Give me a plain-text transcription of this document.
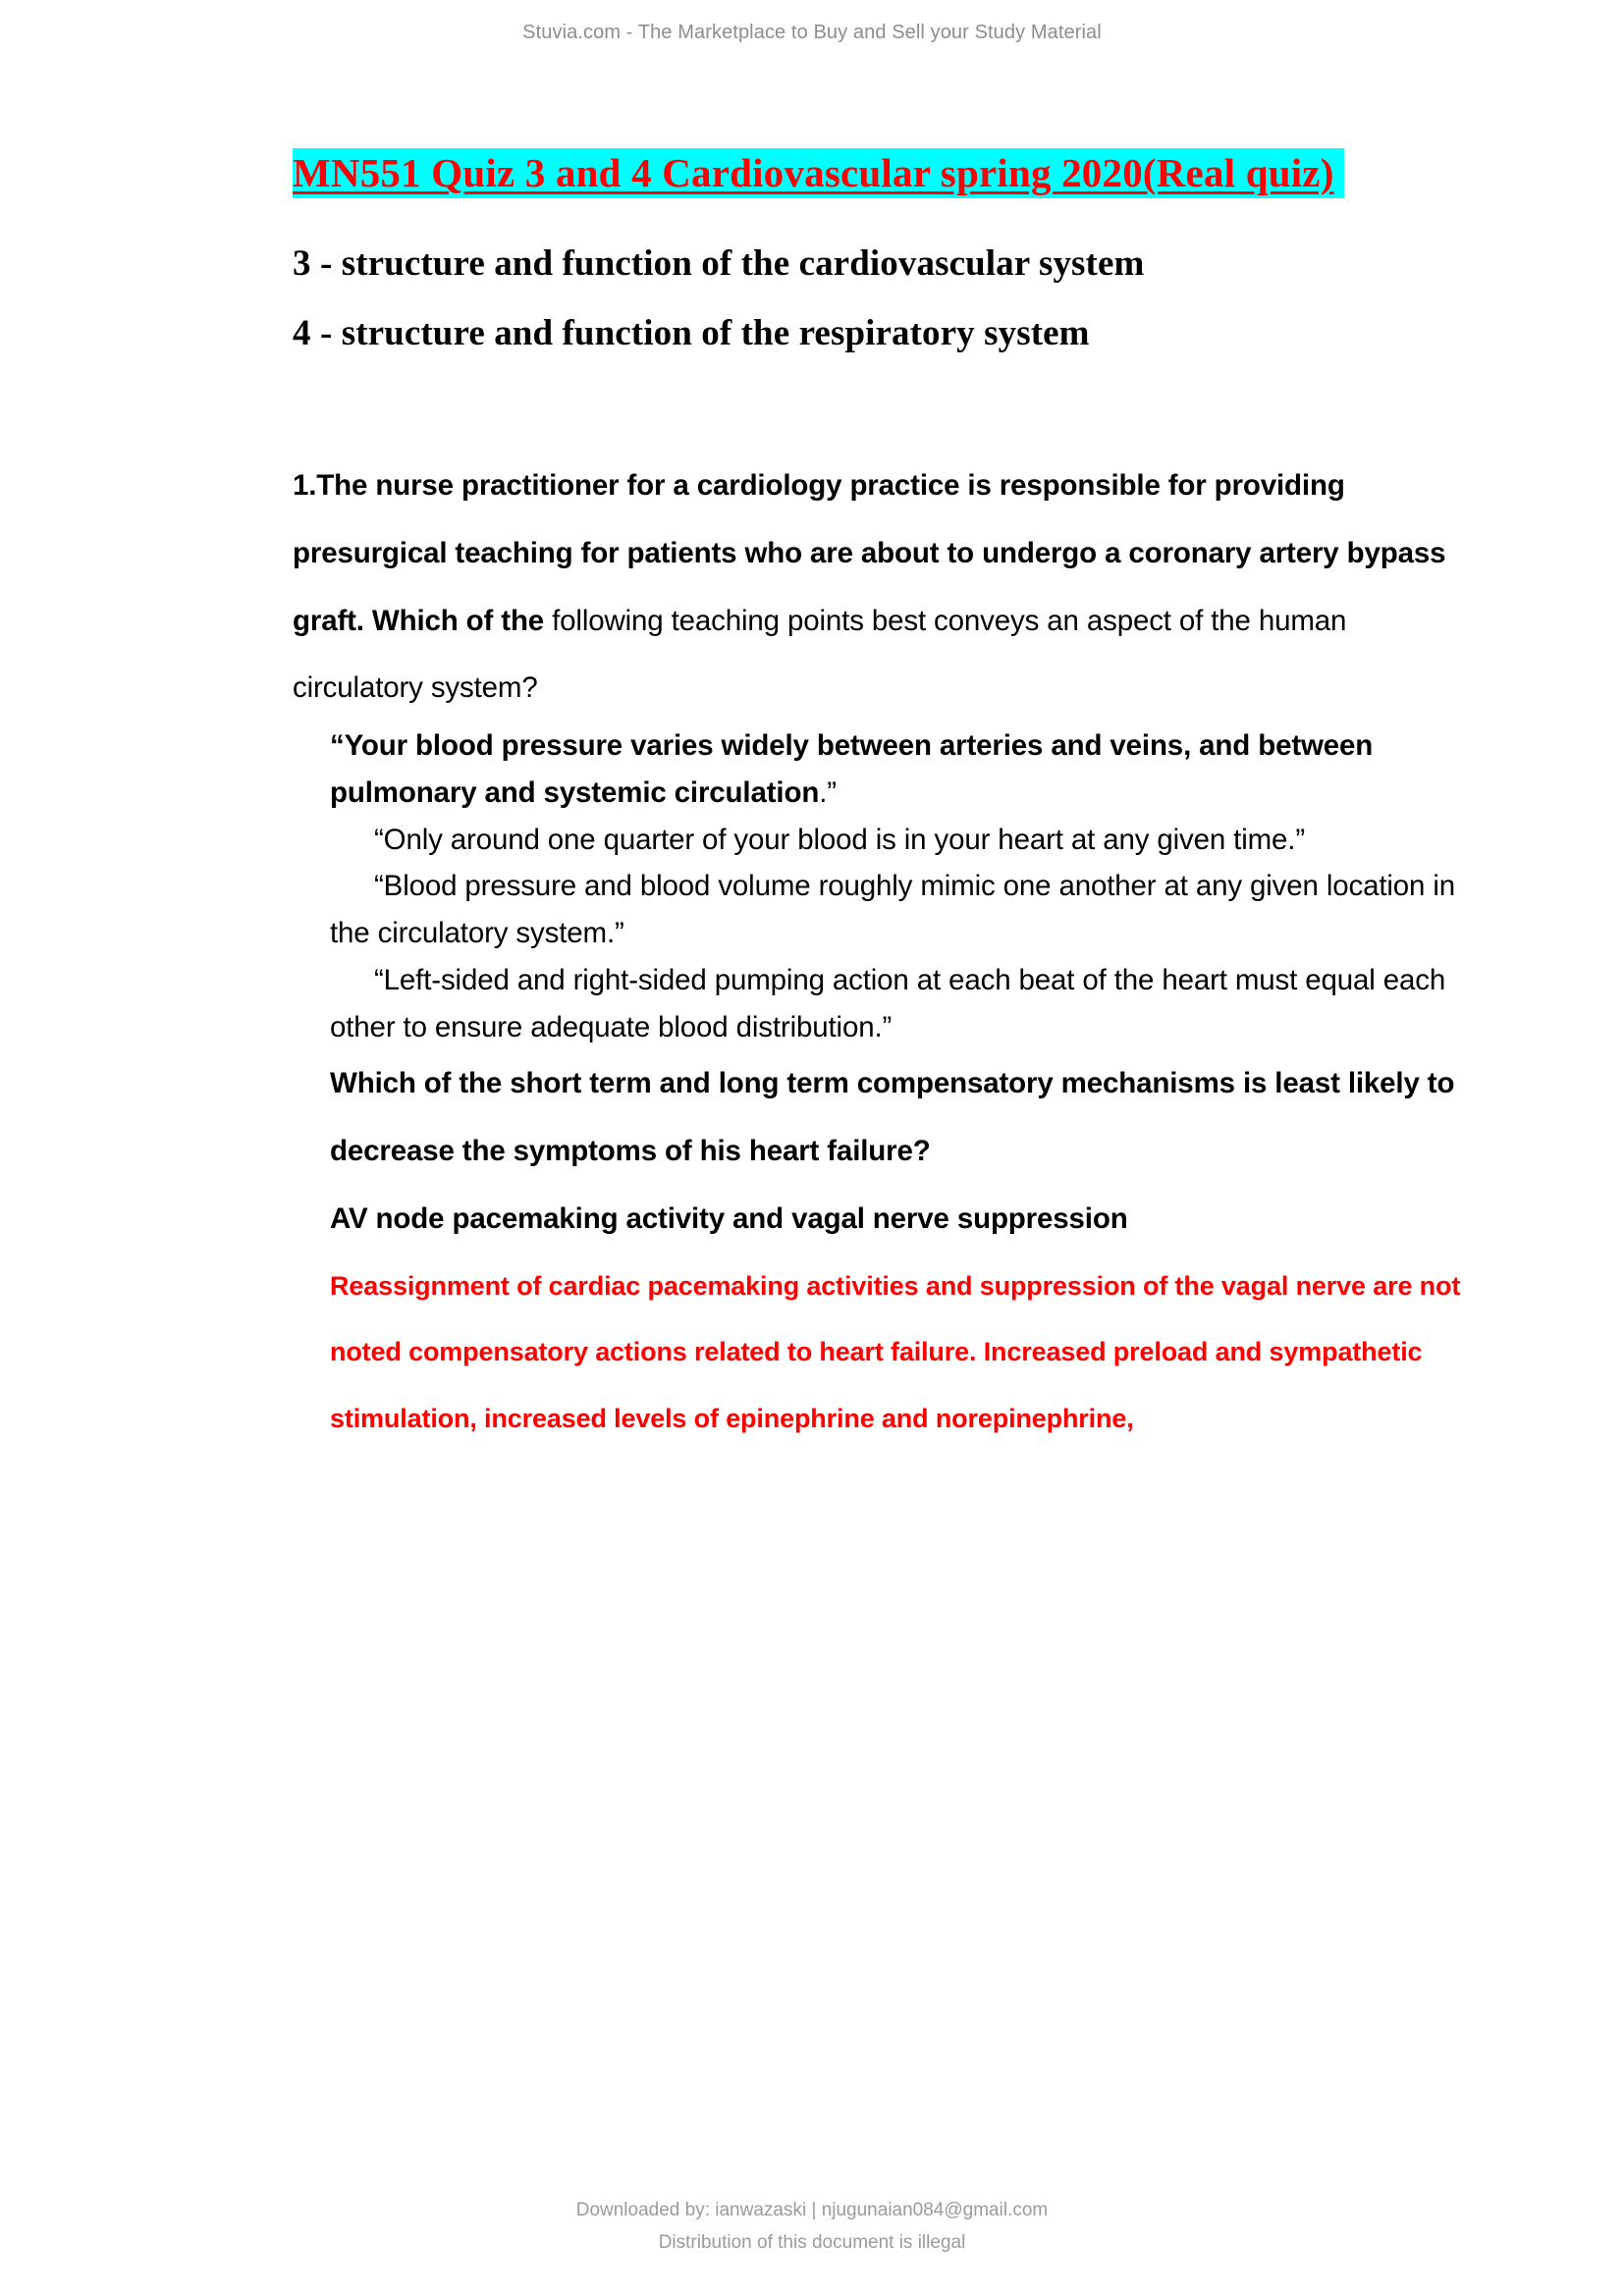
Stuvia.com - The Marketplace to Buy and Sell your Study Material
MN551 Quiz 3 and 4 Cardiovascular spring 2020(Real quiz)
3 - structure and function of the cardiovascular system
4 - structure and function of the respiratory system

1.The nurse practitioner for a cardiology practice is responsible for providing presurgical teaching for patients who are about to undergo a coronary artery bypass graft. Which of the following teaching points best conveys an aspect of the human circulatory system?

“Your blood pressure varies widely between arteries and veins, and between pulmonary and systemic circulation.”

“Only around one quarter of your blood is in your heart at any given time.”

“Blood pressure and blood volume roughly mimic one another at any given location in the circulatory system.”

“Left-sided and right-sided pumping action at each beat of the heart must equal each other to ensure adequate blood distribution.”

Which of the short term and long term compensatory mechanisms is least likely to decrease the symptoms of his heart failure?

AV node pacemaking activity and vagal nerve suppression

Reassignment of cardiac pacemaking activities and suppression of the vagal nerve are not noted compensatory actions related to heart failure. Increased preload and sympathetic stimulation, increased levels of epinephrine and norepinephrine,

Downloaded by: ianwazaski | njugunaian084@gmail.com
Distribution of this document is illegal
